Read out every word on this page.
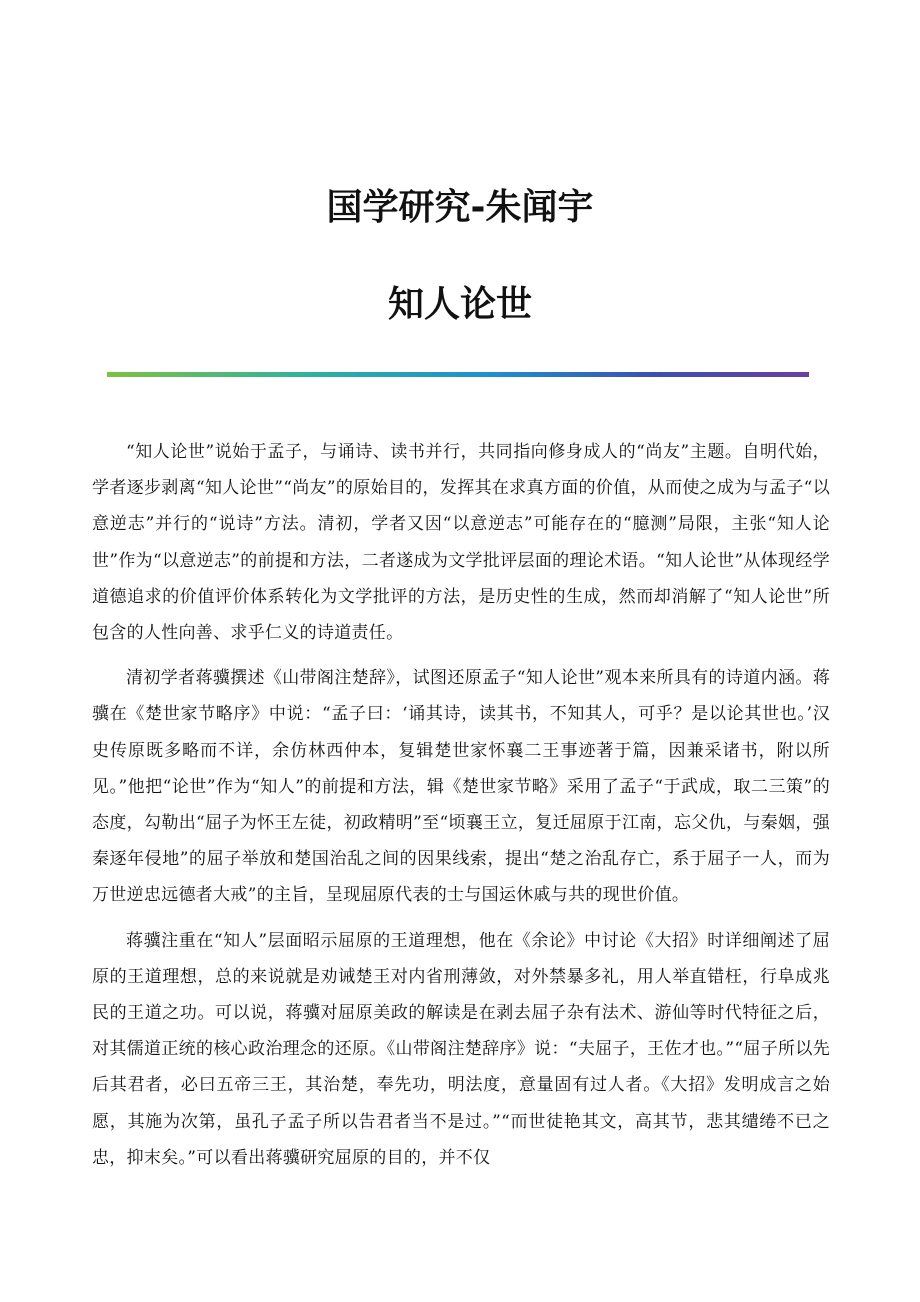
国学研究-朱闻宇
知人论世

“知人论世”说始于孟子，与诵诗、读书并行，共同指向修身成人的“尚友”主题。自明代始，学者逐步剥离“知人论世”“尚友”的原始目的，发挥其在求真方面的价值，从而使之成为与孟子“以意逆志”并行的“说诗”方法。清初，学者又因“以意逆志”可能存在的“臆测”局限，主张“知人论世”作为“以意逆志”的前提和方法，二者遂成为文学批评层面的理论术语。“知人论世”从体现经学道德追求的价值评价体系转化为文学批评的方法，是历史性的生成，然而却消解了“知人论世”所包含的人性向善、求乎仁义的诗道责任。

清初学者蒋骥撰述《山带阁注楚辞》，试图还原孟子“知人论世”观本来所具有的诗道内涵。蒋骥在《楚世家节略序》中说：“孟子曰：‘诵其诗，读其书，不知其人，可乎？是以论其世也。’汉史传原既多略而不详，余仿林西仲本，复辑楚世家怀襄二王事迹著于篇，因兼采诸书，附以所见。”他把“论世”作为“知人”的前提和方法，辑《楚世家节略》采用了孟子“于武成，取二三策”的态度，勾勒出“屈子为怀王左徒，初政精明”至“顷襄王立，复迁屈原于江南，忘父仇，与秦姻，强秦逐年侵地”的屈子举放和楚国治乱之间的因果线索，提出“楚之治乱存亡，系于屈子一人，而为万世逆忠远德者大戒”的主旨，呈现屈原代表的士与国运休戚与共的现世价值。

蒋骥注重在“知人”层面昭示屈原的王道理想，他在《余论》中讨论《大招》时详细阐述了屈原的王道理想，总的来说就是劝诫楚王对内省刑薄敛，对外禁暴多礼，用人举直错枉，行阜成兆民的王道之功。可以说，蒋骥对屈原美政的解读是在剥去屈子杂有法术、游仙等时代特征之后，对其儒道正统的核心政治理念的还原。《山带阁注楚辞序》说：“夫屈子，王佐才也。”“屈子所以先后其君者，必曰五帝三王，其治楚，奉先功，明法度，意量固有过人者。《大招》发明成言之始愿，其施为次第，虽孔子孟子所以告君者当不是过。”“而世徒艳其文，高其节，悲其缱绻不已之忠，抑末矣。”可以看出蒋骥研究屈原的目的，并不仅
